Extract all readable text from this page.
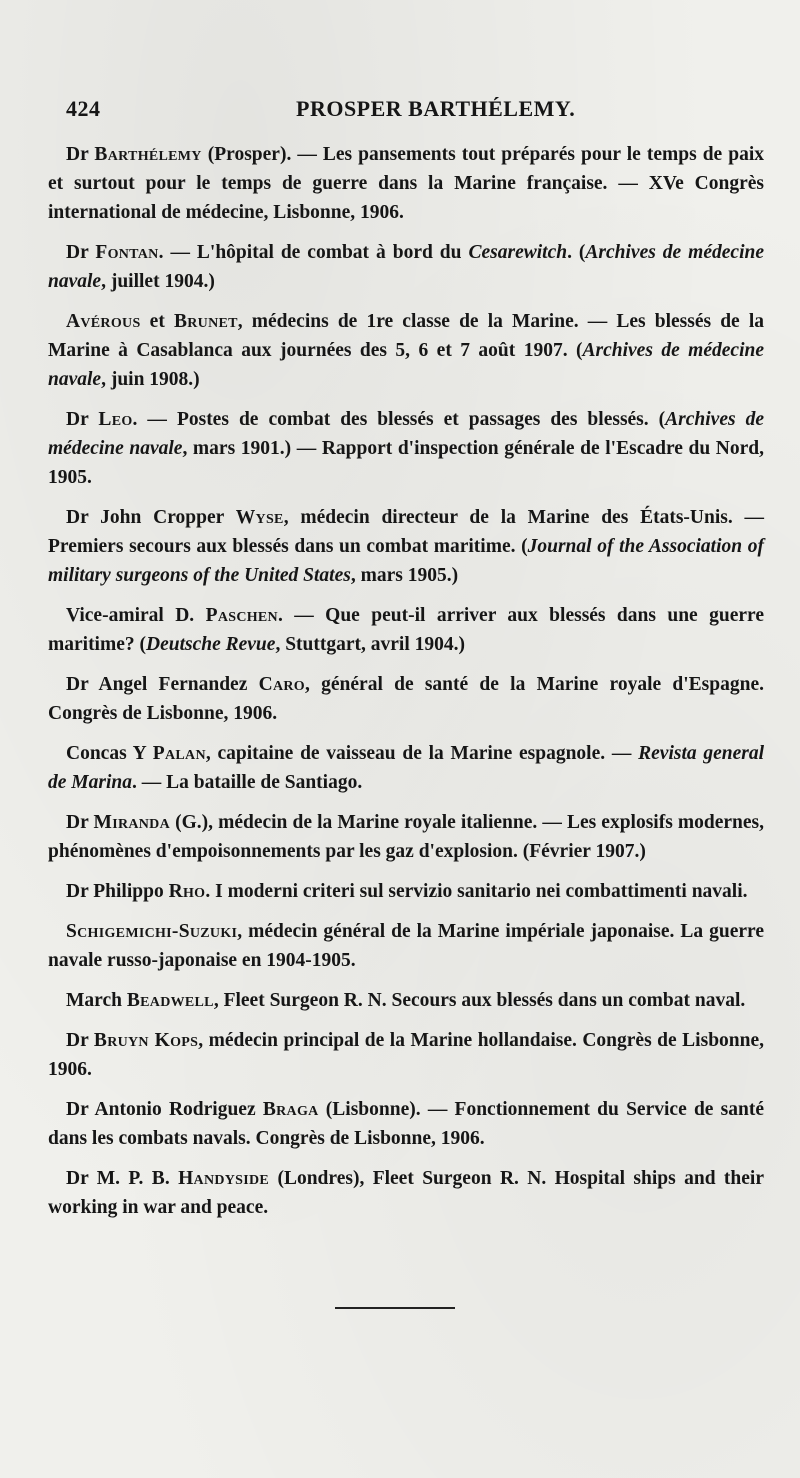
424	PROSPER BARTHÉLEMY.

Dr Barthélemy (Prosper). — Les pansements tout préparés pour le temps de paix et surtout pour le temps de guerre dans la Marine française. — XVe Congrès international de médecine, Lisbonne, 1906.

Dr Fontan. — L'hôpital de combat à bord du Cesarewitch. (Archives de médecine navale, juillet 1904.)

Avérous et Brunet, médecins de 1re classe de la Marine. — Les blessés de la Marine à Casablanca aux journées des 5, 6 et 7 août 1907. (Archives de médecine navale, juin 1908.)

Dr Leo. — Postes de combat des blessés et passages des blessés. (Archives de médecine navale, mars 1901.) — Rapport d'inspection générale de l'Escadre du Nord, 1905.

Dr John Cropper Wyse, médecin directeur de la Marine des États-Unis. — Premiers secours aux blessés dans un combat maritime. (Journal of the Association of military surgeons of the United States, mars 1905.)

Vice-amiral D. Paschen. — Que peut-il arriver aux blessés dans une guerre maritime? (Deutsche Revue, Stuttgart, avril 1904.)

Dr Angel Fernandez Caro, général de santé de la Marine royale d'Espagne. Congrès de Lisbonne, 1906.

Concas Y Palan, capitaine de vaisseau de la Marine espagnole. — Revista general de Marina. — La bataille de Santiago.

Dr Miranda (G.), médecin de la Marine royale italienne. — Les explosifs modernes, phénomènes d'empoisonnements par les gaz d'explosion. (Février 1907.)

Dr Philippo Rho. I moderni criteri sul servizio sanitario nei combattimenti navali.

Schigemichi-Suzuki, médecin général de la Marine impériale japonaise. La guerre navale russo-japonaise en 1904-1905.

March Beadwell, Fleet Surgeon R. N. Secours aux blessés dans un combat naval.

Dr Bruyn Kops, médecin principal de la Marine hollandaise. Congrès de Lisbonne, 1906.

Dr Antonio Rodriguez Braga (Lisbonne). — Fonctionnement du Service de santé dans les combats navals. Congrès de Lisbonne, 1906.

Dr M. P. B. Handyside (Londres), Fleet Surgeon R. N. Hospital ships and their working in war and peace.
